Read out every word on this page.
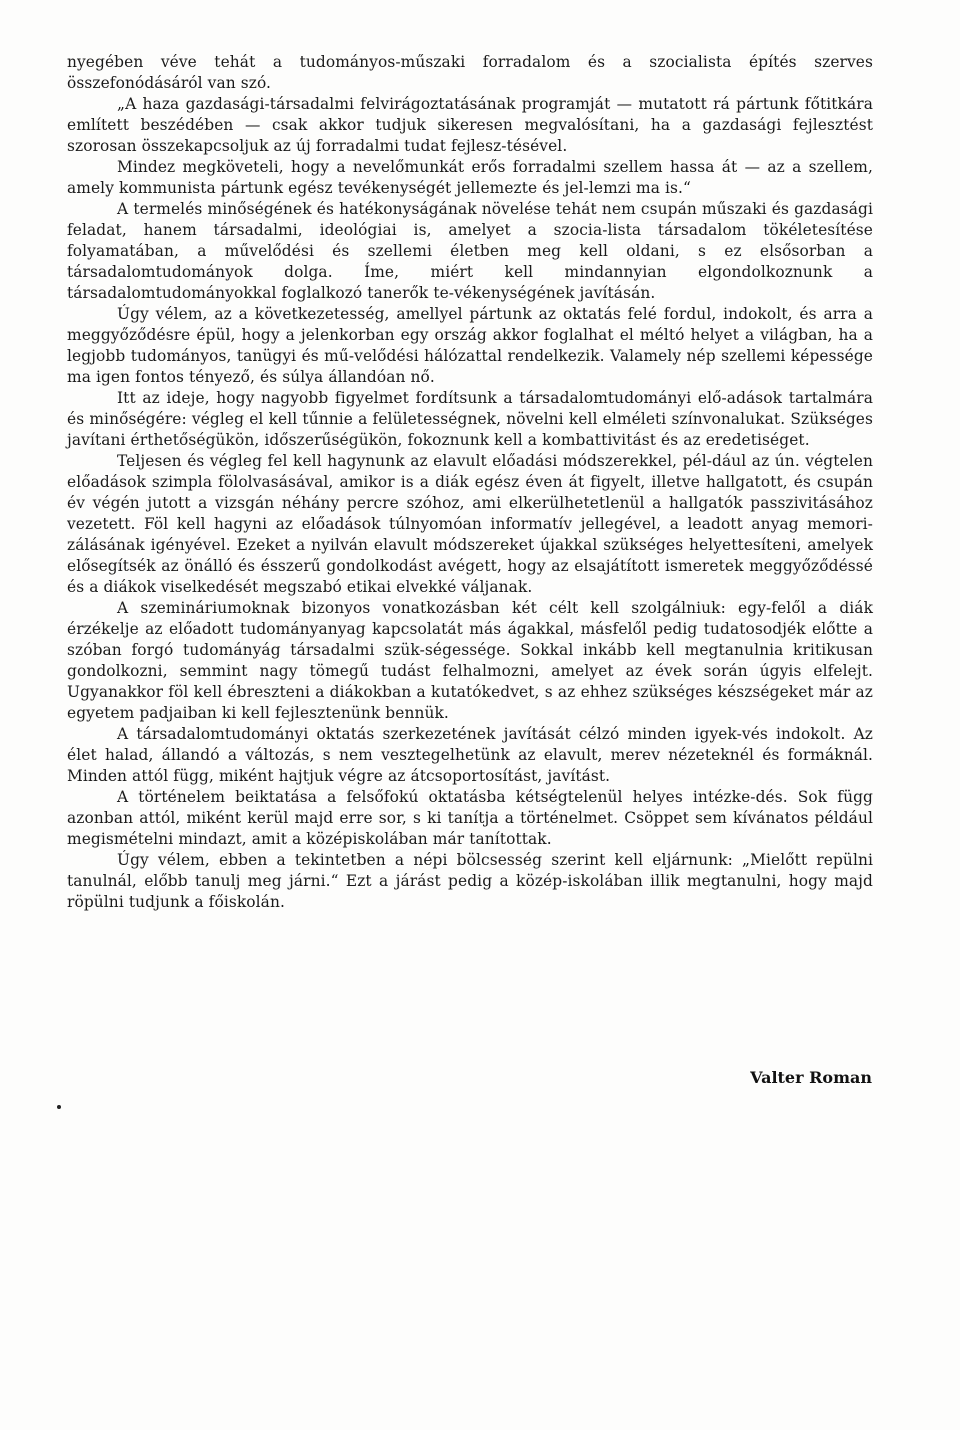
nyegében véve tehát a tudományos-műszaki forradalom és a szocialista építés szerves összefonódásáról van szó.

„A haza gazdasági-társadalmi felvirágoztatásának programját — mutatott rá pártunk főtitkára említett beszédében — csak akkor tudjuk sikeresen megvalósítani, ha a gazdasági fejlesztést szorosan összekapcsoljuk az új forradalmi tudat fejlesz-tésével.

Mindez megköveteli, hogy a nevelőmunkát erős forradalmi szellem hassa át — az a szellem, amely kommunista pártunk egész tevékenységét jellemezte és jel-lemzi ma is.“

A termelés minőségének és hatékonyságának növelése tehát nem csupán műszaki és gazdasági feladat, hanem társadalmi, ideológiai is, amelyet a szocia-lista társadalom tökéletesítése folyamatában, a művelődési és szellemi életben meg kell oldani, s ez elsősorban a társadalomtudományok dolga. Íme, miért kell mindannyian elgondolkoznunk a társadalomtudományokkal foglalkozó tanerők te-vékenységének javításán.

Úgy vélem, az a következetesség, amellyel pártunk az oktatás felé fordul, indokolt, és arra a meggyőződésre épül, hogy a jelenkorban egy ország akkor foglalhat el méltó helyet a világban, ha a legjobb tudományos, tanügyi és mű-velődési hálózattal rendelkezik. Valamely nép szellemi képessége ma igen fontos tényező, és súlya állandóan nő.

Itt az ideje, hogy nagyobb figyelmet fordítsunk a társadalomtudományi elő-adások tartalmára és minőségére: végleg el kell tűnnie a felületességnek, növelni kell elméleti színvonalukat. Szükséges javítani érthetőségükön, időszerűségükön, fokoznunk kell a kombattivitást és az eredetiséget.

Teljesen és végleg fel kell hagynunk az elavult előadási módszerekkel, pél-dául az ún. végtelen előadások szimpla fölolvasásával, amikor is a diák egész éven át figyelt, illetve hallgatott, és csupán év végén jutott a vizsgán néhány percre szóhoz, ami elkerülhetetlenül a hallgatók passzivitásához vezetett. Föl kell hagyni az előadások túlnyomóan informatív jellegével, a leadott anyag memori-zálásának igényével. Ezeket a nyilván elavult módszereket újakkal szükséges helyettesíteni, amelyek elősegítsék az önálló és ésszerű gondolkodást avégett, hogy az elsajátított ismeretek meggyőződéssé és a diákok viselkedését megszabó etikai elvekké váljanak.

A szemináriumoknak bizonyos vonatkozásban két célt kell szolgálniuk: egy-felől a diák érzékelje az előadott tudományanyag kapcsolatát más ágakkal, másfelől pedig tudatosodjék előtte a szóban forgó tudományág társadalmi szük-ségessége. Sokkal inkább kell megtanulnia kritikusan gondolkozni, semmint nagy tömegű tudást felhalmozni, amelyet az évek során úgyis elfelejt. Ugyanakkor föl kell ébreszteni a diákokban a kutatókedvet, s az ehhez szükséges készségeket már az egyetem padjaiban ki kell fejlesztenünk bennük.

A társadalomtudományi oktatás szerkezetének javítását célzó minden igyek-vés indokolt. Az élet halad, állandó a változás, s nem vesztegelhetünk az elavult, merev nézeteknél és formáknál. Minden attól függ, miként hajtjuk végre az átcsoportosítást, javítást.

A történelem beiktatása a felsőfokú oktatásba kétségtelenül helyes intézke-dés. Sok függ azonban attól, miként kerül majd erre sor, s ki tanítja a történelmet. Csöppet sem kívánatos például megismételni mindazt, amit a középiskolában már tanítottak.

Úgy vélem, ebben a tekintetben a népi bölcsesség szerint kell eljárnunk: „Mielőtt repülni tanulnál, előbb tanulj meg járni.“ Ezt a járást pedig a közép-iskolában illik megtanulni, hogy majd röpülni tudjunk a főiskolán.

Valter Roman
